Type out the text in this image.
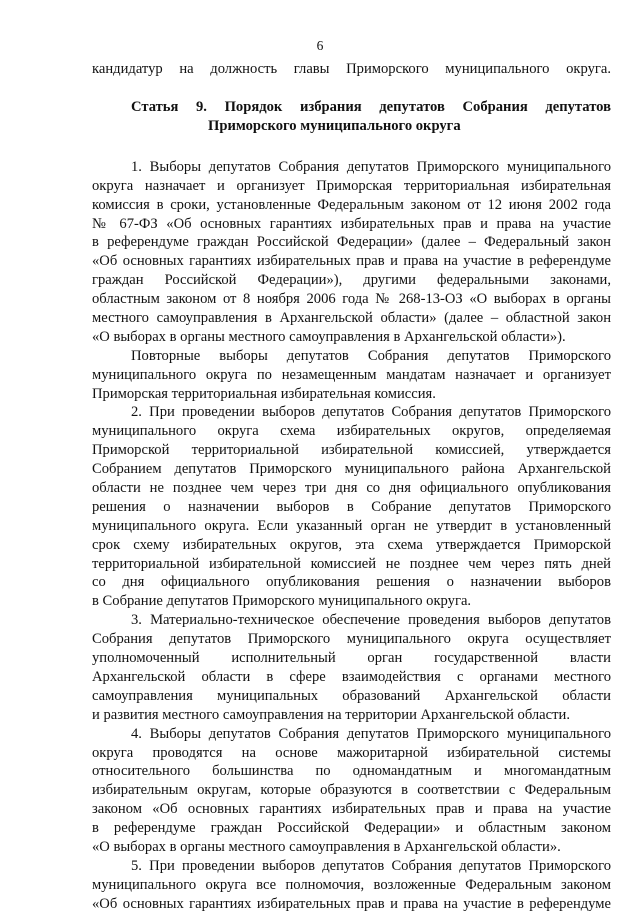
6
кандидатур на должность главы Приморского муниципального округа.
Статья 9. Порядок избрания депутатов Собрания депутатов
Приморского муниципального округа
1. Выборы депутатов Собрания депутатов Приморского муниципального
округа назначает и организует Приморская территориальная избирательная
комиссия в сроки, установленные Федеральным законом от 12 июня 2002 года
№ 67-ФЗ «Об основных гарантиях избирательных прав и права на участие
в референдуме граждан Российской Федерации» (далее – Федеральный закон
«Об основных гарантиях избирательных прав и права на участие в референдуме
граждан Российской Федерации»), другими федеральными законами,
областным законом от 8 ноября 2006 года № 268-13-ОЗ «О выборах в органы
местного самоуправления в Архангельской области» (далее – областной закон
«О выборах в органы местного самоуправления в Архангельской области»).
Повторные выборы депутатов Собрания депутатов Приморского
муниципального округа по незамещенным мандатам назначает и организует
Приморская территориальная избирательная комиссия.
2. При проведении выборов депутатов Собрания депутатов Приморского
муниципального округа схема избирательных округов, определяемая
Приморской территориальной избирательной комиссией, утверждается
Собранием депутатов Приморского муниципального района Архангельской
области не позднее чем через три дня со дня официального опубликования
решения о назначении выборов в Собрание депутатов Приморского
муниципального округа. Если указанный орган не утвердит в установленный
срок схему избирательных округов, эта схема утверждается Приморской
территориальной избирательной комиссией не позднее чем через пять дней
со дня официального опубликования решения о назначении выборов
в Собрание депутатов Приморского муниципального округа.
3. Материально-техническое обеспечение проведения выборов депутатов
Собрания депутатов Приморского муниципального округа осуществляет
уполномоченный исполнительный орган государственной власти
Архангельской области в сфере взаимодействия с органами местного
самоуправления муниципальных образований Архангельской области
и развития местного самоуправления на территории Архангельской области.
4. Выборы депутатов Собрания депутатов Приморского муниципального
округа проводятся на основе мажоритарной избирательной системы
относительного большинства по одномандатным и многомандатным
избирательным округам, которые образуются в соответствии с Федеральным
законом «Об основных гарантиях избирательных прав и права на участие
в референдуме граждан Российской Федерации» и областным законом
«О выборах в органы местного самоуправления в Архангельской области».
5. При проведении выборов депутатов Собрания депутатов Приморского
муниципального округа все полномочия, возложенные Федеральным законом
«Об основных гарантиях избирательных прав и права на участие в референдуме
